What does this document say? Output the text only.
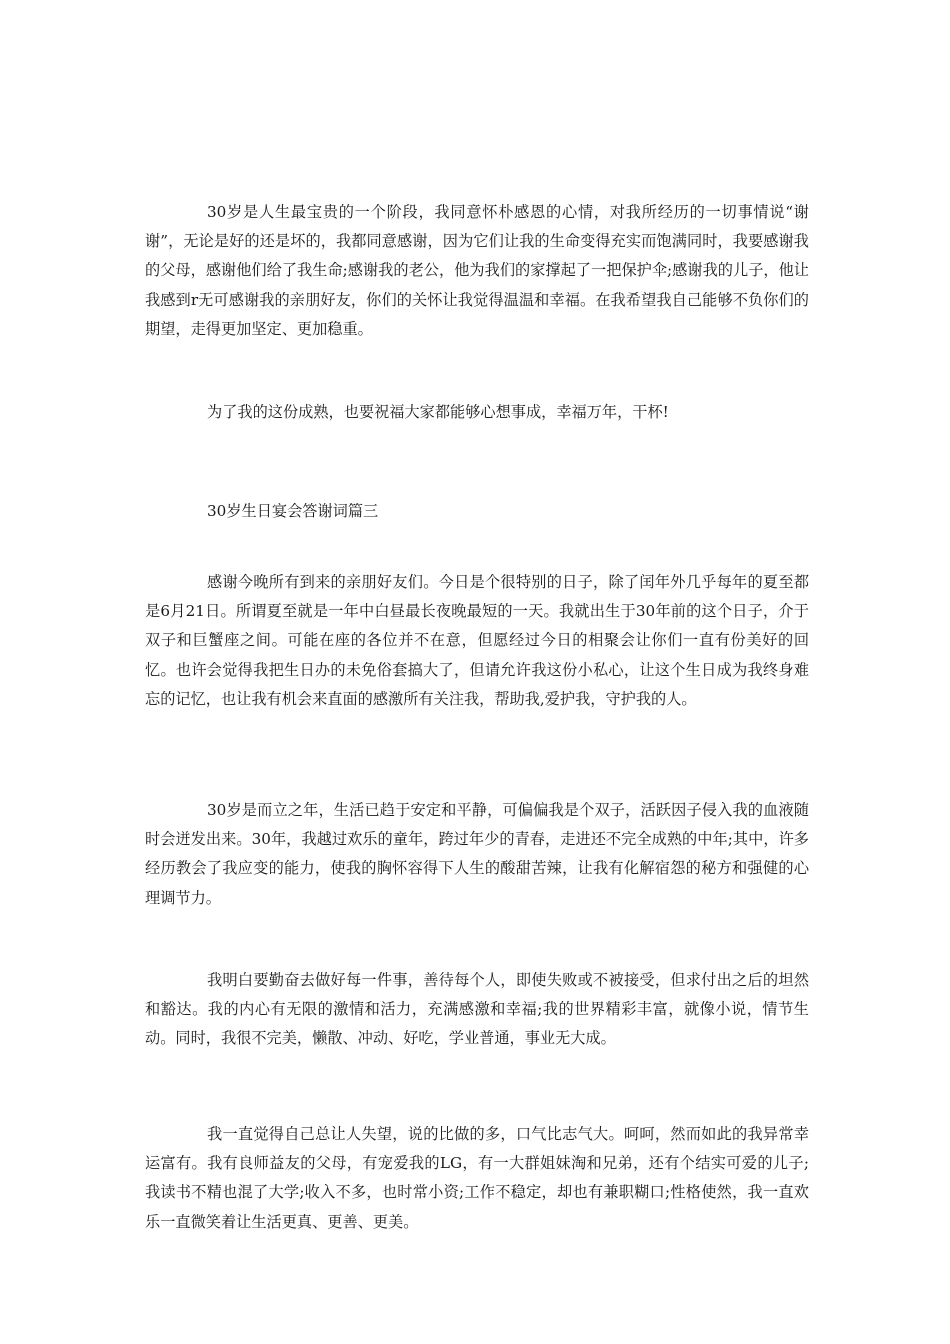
30岁是人生最宝贵的一个阶段，我同意怀朴感恩的心情，对我所经历的一切事情说“谢谢”，无论是好的还是坏的，我都同意感谢，因为它们让我的生命变得充实而饱满同时，我要感谢我的父母，感谢他们给了我生命;感谢我的老公，他为我们的家撑起了一把保护伞;感谢我的儿子，他让我感到r无可感谢我的亲朋好友，你们的关怀让我觉得温温和幸福。在我希望我自己能够不负你们的期望，走得更加坚定、更加稳重。

为了我的这份成熟，也要祝福大家都能够心想事成，幸福万年，干杯!

30岁生日宴会答谢词篇三

感谢今晚所有到来的亲朋好友们。今日是个很特别的日子，除了闰年外几乎每年的夏至都是6月21日。所谓夏至就是一年中白昼最长夜晚最短的一天。我就出生于30年前的这个日子，介于双子和巨蟹座之间。可能在座的各位并不在意，但愿经过今日的相聚会让你们一直有份美好的回忆。也许会觉得我把生日办的未免俗套搞大了，但请允许我这份小私心，让这个生日成为我终身难忘的记忆，也让我有机会来直面的感激所有关注我，帮助我,爱护我，守护我的人。

30岁是而立之年，生活已趋于安定和平静，可偏偏我是个双子，活跃因子侵入我的血液随时会迸发出来。30年，我越过欢乐的童年，跨过年少的青春，走进还不完全成熟的中年;其中，许多经历教会了我应变的能力，使我的胸怀容得下人生的酸甜苦辣，让我有化解宿怨的秘方和强健的心理调节力。

我明白要勤奋去做好每一件事，善待每个人，即使失败或不被接受，但求付出之后的坦然和豁达。我的内心有无限的激情和活力，充满感激和幸福;我的世界精彩丰富，就像小说，情节生动。同时，我很不完美，懒散、冲动、好吃，学业普通，事业无大成。

我一直觉得自己总让人失望，说的比做的多，口气比志气大。呵呵，然而如此的我异常幸运富有。我有良师益友的父母，有宠爱我的LG，有一大群姐妹淘和兄弟，还有个结实可爱的儿子;我读书不精也混了大学;收入不多，也时常小资;工作不稳定，却也有兼职糊口;性格使然，我一直欢乐一直微笑着让生活更真、更善、更美。
